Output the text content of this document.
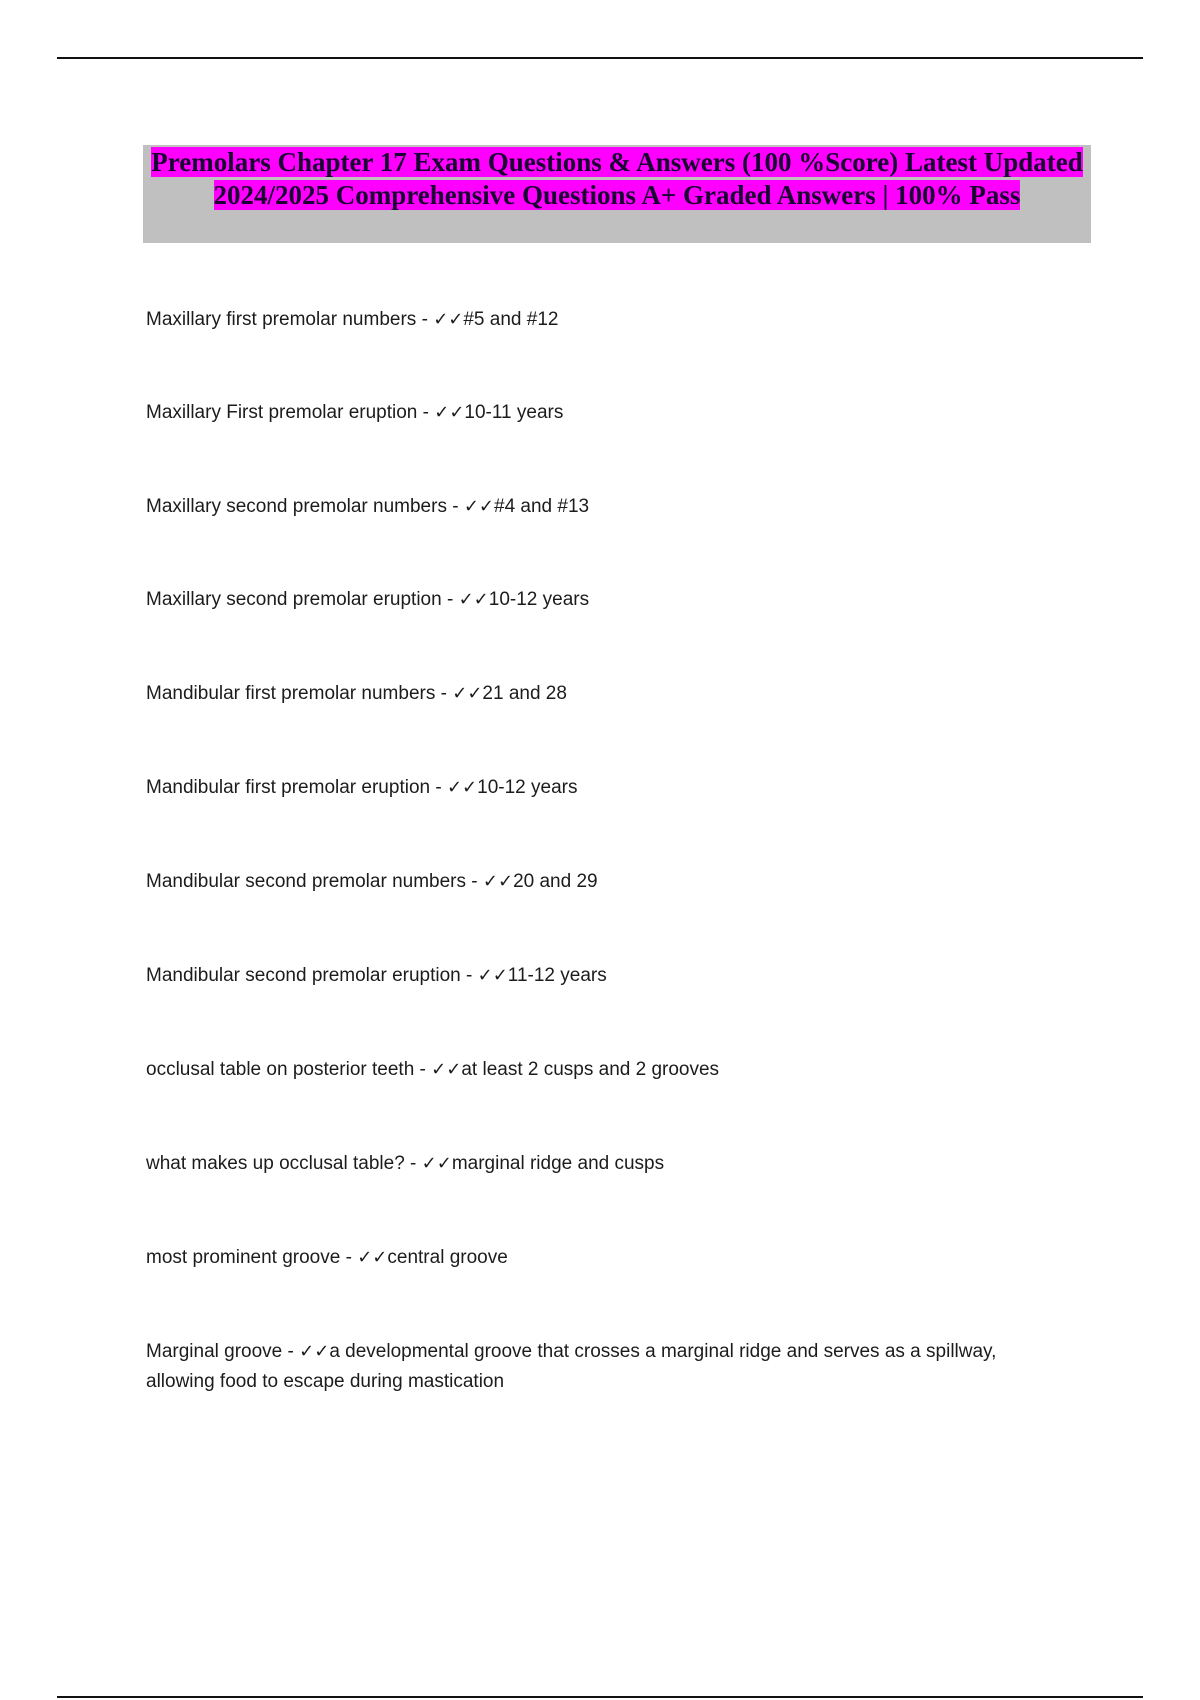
Premolars Chapter 17 Exam Questions & Answers (100 %Score) Latest Updated 2024/2025 Comprehensive Questions A+ Graded Answers | 100% Pass
Maxillary first premolar numbers - ✓✓#5 and #12
Maxillary First premolar eruption - ✓✓10-11 years
Maxillary second premolar numbers - ✓✓#4 and #13
Maxillary second premolar eruption - ✓✓10-12 years
Mandibular first premolar numbers - ✓✓21 and 28
Mandibular first premolar eruption - ✓✓10-12 years
Mandibular second premolar numbers - ✓✓20 and 29
Mandibular second premolar eruption - ✓✓11-12 years
occlusal table on posterior teeth - ✓✓at least 2 cusps and 2 grooves
what makes up occlusal table? - ✓✓marginal ridge and cusps
most prominent groove - ✓✓central groove
Marginal groove - ✓✓a developmental groove that crosses a marginal ridge and serves as a spillway, allowing food to escape during mastication
